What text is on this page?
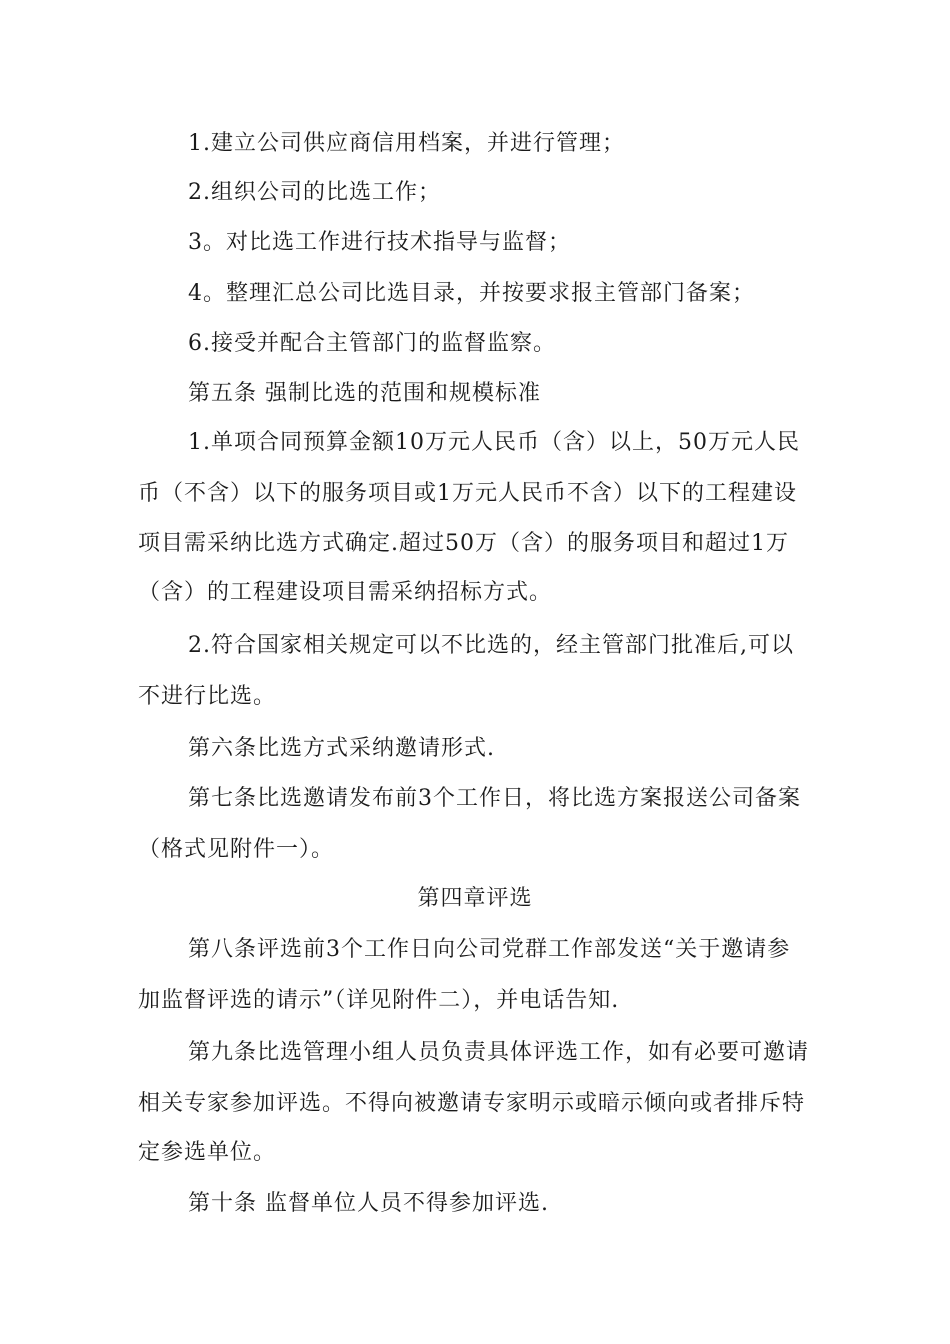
1.建立公司供应商信用档案，并进行管理；
2.组织公司的比选工作；
3。对比选工作进行技术指导与监督；
4。整理汇总公司比选目录，并按要求报主管部门备案；
6.接受并配合主管部门的监督监察。
第五条 强制比选的范围和规模标准
1.单项合同预算金额10万元人民币（含）以上，50万元人民
币（不含）以下的服务项目或1万元人民币不含）以下的工程建设
项目需采纳比选方式确定.超过50万（含）的服务项目和超过1万
（含）的工程建设项目需采纳招标方式。
2.符合国家相关规定可以不比选的，经主管部门批准后,可以
不进行比选。
第六条比选方式采纳邀请形式.
第七条比选邀请发布前3个工作日，将比选方案报送公司备案
（格式见附件一）。
第四章评选
第八条评选前3个工作日向公司党群工作部发送“关于邀请参
加监督评选的请示”（详见附件二），并电话告知.
第九条比选管理小组人员负责具体评选工作，如有必要可邀请
相关专家参加评选。不得向被邀请专家明示或暗示倾向或者排斥特
定参选单位。
第十条 监督单位人员不得参加评选.
